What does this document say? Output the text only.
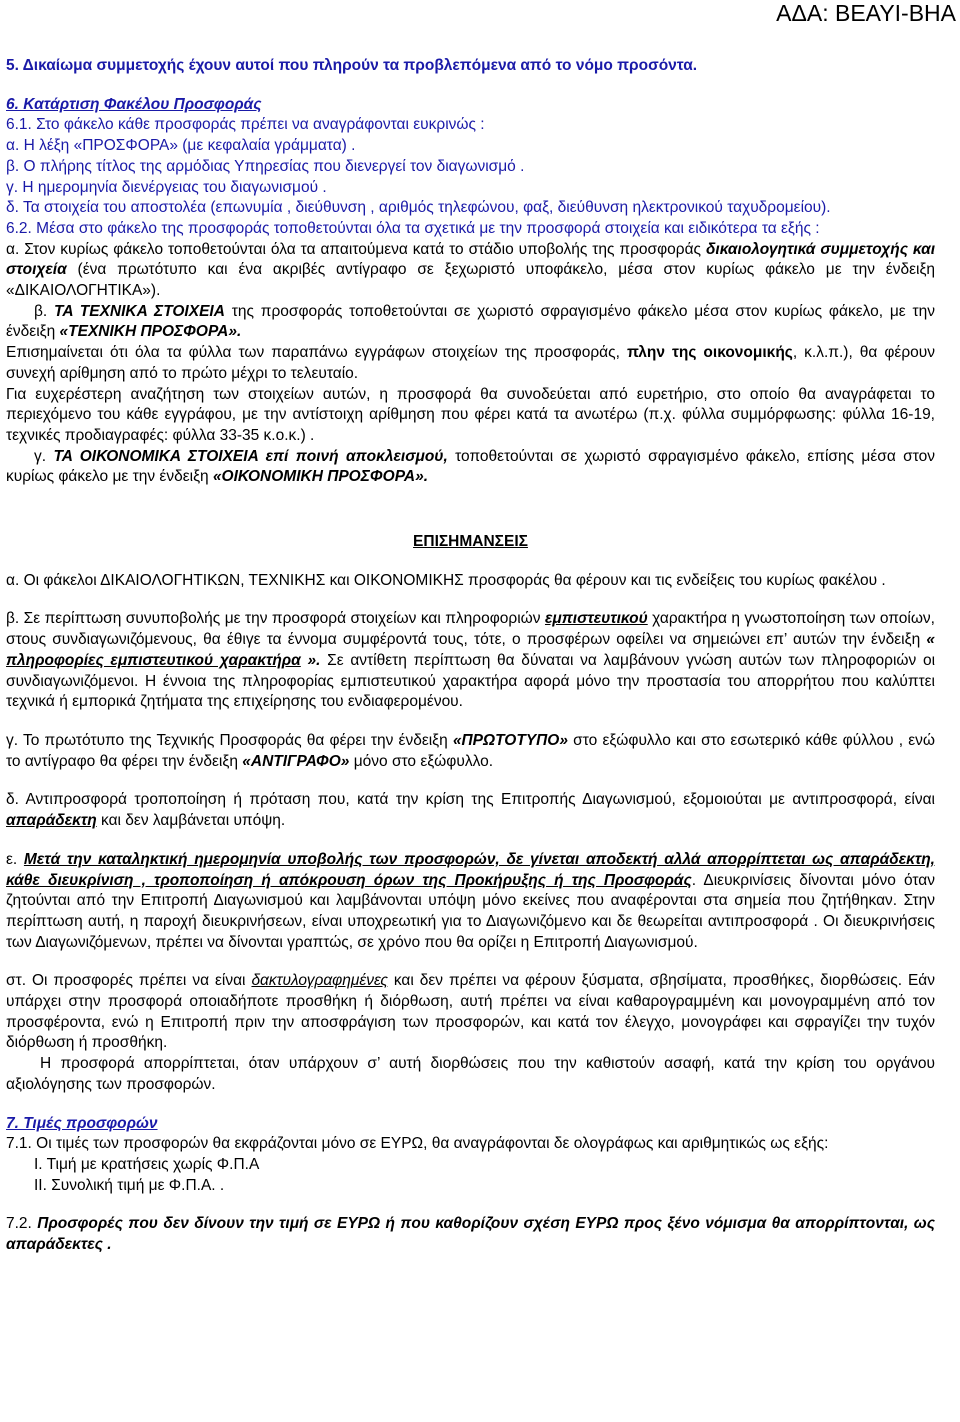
ΑΔΑ: ΒΕΑΥΙ-ΒΗΑ

5. Δικαίωμα συμμετοχής έχουν αυτοί που πληρούν τα προβλεπόμενα από το νόμο προσόντα.

6. Κατάρτιση Φακέλου Προσφοράς

6.1. Στο φάκελο κάθε προσφοράς πρέπει να αναγράφονται ευκρινώς :

α. Η λέξη «ΠΡΟΣΦΟΡΑ» (με κεφαλαία γράμματα) .

β. Ο πλήρης τίτλος της αρμόδιας Υπηρεσίας που διενεργεί τον διαγωνισμό .

γ. Η ημερομηνία διενέργειας του διαγωνισμού .

δ. Τα στοιχεία του αποστολέα (επωνυμία , διεύθυνση , αριθμός τηλεφώνου, φαξ, διεύθυνση ηλεκτρονικού ταχυδρομείου).

6.2. Μέσα στο φάκελο της προσφοράς τοποθετούνται όλα τα σχετικά με την προσφορά στοιχεία και ειδικότερα τα εξής :

α. Στον κυρίως φάκελο τοποθετούνται όλα τα απαιτούμενα κατά το στάδιο υποβολής της προσφοράς δικαιολογητικά συμμετοχής και στοιχεία (ένα πρωτότυπο και ένα ακριβές αντίγραφο σε ξεχωριστό υποφάκελο, μέσα στον κυρίως φάκελο με την ένδειξη «ΔΙΚΑΙΟΛΟΓΗΤΙΚΑ»).

β. ΤΑ ΤΕΧΝΙΚΑ ΣΤΟΙΧΕΙΑ της προσφοράς τοποθετούνται σε χωριστό σφραγισμένο φάκελο μέσα στον κυρίως φάκελο, με την ένδειξη «ΤΕΧΝΙΚΗ ΠΡΟΣΦΟΡΑ».

Επισημαίνεται ότι όλα τα φύλλα των παραπάνω εγγράφων στοιχείων της προσφοράς, πλην της οικονομικής, κ.λ.π.), θα φέρουν συνεχή αρίθμηση από το πρώτο μέχρι το τελευταίο.

Για ευχερέστερη αναζήτηση των στοιχείων αυτών, η προσφορά θα συνοδεύεται από ευρετήριο, στο οποίο θα αναγράφεται το περιεχόμενο του κάθε εγγράφου, με την αντίστοιχη αρίθμηση που φέρει κατά τα ανωτέρω (π.χ. φύλλα συμμόρφωσης: φύλλα 16-19, τεχνικές προδιαγραφές: φύλλα 33-35 κ.ο.κ.) .

γ. ΤΑ ΟΙΚΟΝΟΜΙΚΑ ΣΤΟΙΧΕΙΑ επί ποινή αποκλεισμού, τοποθετούνται σε χωριστό σφραγισμένο φάκελο, επίσης μέσα στον κυρίως φάκελο με την ένδειξη «ΟΙΚΟΝΟΜΙΚΗ ΠΡΟΣΦΟΡΑ».

ΕΠΙΣΗΜΑΝΣΕΙΣ

α. Οι φάκελοι ΔΙΚΑΙΟΛΟΓΗΤΙΚΩΝ, ΤΕΧΝΙΚΗΣ και ΟΙΚΟΝΟΜΙΚΗΣ προσφοράς θα φέρουν και τις ενδείξεις του κυρίως φακέλου .

β. Σε περίπτωση συνυποβολής με την προσφορά στοιχείων και πληροφοριών εμπιστευτικού χαρακτήρα η γνωστοποίηση των οποίων, στους συνδιαγωνιζόμενους, θα έθιγε τα έννομα συμφέροντά τους, τότε, ο προσφέρων οφείλει να σημειώνει επ’ αυτών την ένδειξη « πληροφορίες εμπιστευτικού χαρακτήρα ». Σε αντίθετη περίπτωση θα δύναται να λαμβάνουν γνώση αυτών των πληροφοριών οι συνδιαγωνιζόμενοι. Η έννοια της πληροφορίας εμπιστευτικού χαρακτήρα αφορά μόνο την προστασία του απορρήτου που καλύπτει τεχνικά ή εμπορικά ζητήματα της επιχείρησης του ενδιαφερομένου.

γ. Το πρωτότυπο της Τεχνικής Προσφοράς θα φέρει την ένδειξη «ΠΡΩΤΟΤΥΠΟ» στο εξώφυλλο και στο εσωτερικό κάθε φύλλου , ενώ το αντίγραφο θα φέρει την ένδειξη «ΑΝΤΙΓΡΑΦΟ» μόνο στο εξώφυλλο.

δ. Αντιπροσφορά τροποποίηση ή πρόταση που, κατά την κρίση της Επιτροπής Διαγωνισμού, εξομοιούται με αντιπροσφορά, είναι απαράδεκτη και δεν λαμβάνεται υπόψη.

ε. Μετά την καταληκτική ημερομηνία υποβολής των προσφορών, δε γίνεται αποδεκτή αλλά απορρίπτεται ως απαράδεκτη, κάθε διευκρίνιση , τροποποίηση ή απόκρουση όρων της Προκήρυξης ή της Προσφοράς. Διευκρινίσεις δίνονται μόνο όταν ζητούνται από την Επιτροπή Διαγωνισμού και λαμβάνονται υπόψη μόνο εκείνες που αναφέρονται στα σημεία που ζητήθηκαν. Στην περίπτωση αυτή, η παροχή διευκρινήσεων, είναι υποχρεωτική για το Διαγωνιζόμενο και δε θεωρείται αντιπροσφορά . Οι διευκρινήσεις των Διαγωνιζόμενων, πρέπει να δίνονται γραπτώς, σε χρόνο που θα ορίζει η Επιτροπή Διαγωνισμού.

στ. Οι προσφορές πρέπει να είναι δακτυλογραφημένες και δεν πρέπει να φέρουν ξύσματα, σβησίματα, προσθήκες, διορθώσεις. Εάν υπάρχει στην προσφορά οποιαδήποτε προσθήκη ή διόρθωση, αυτή πρέπει να είναι καθαρογραμμένη και μονογραμμένη από τον προσφέροντα, ενώ η Επιτροπή πριν την αποσφράγιση των προσφορών, και κατά τον έλεγχο, μονογράφει και σφραγίζει την τυχόν διόρθωση ή προσθήκη.

Η προσφορά απορρίπτεται, όταν υπάρχουν σ’ αυτή διορθώσεις που την καθιστούν ασαφή, κατά την κρίση του οργάνου αξιολόγησης των προσφορών.

7. Τιμές προσφορών

7.1. Οι τιμές των προσφορών θα εκφράζονται μόνο σε ΕΥΡΩ, θα αναγράφονται δε ολογράφως και αριθμητικώς ως εξής:

Ι. Τιμή με κρατήσεις χωρίς Φ.Π.Α

ΙΙ. Συνολική τιμή με Φ.Π.Α. .

7.2. Προσφορές που δεν δίνουν την τιμή σε ΕΥΡΩ ή που καθορίζουν σχέση ΕΥΡΩ προς ξένο νόμισμα θα απορρίπτονται, ως απαράδεκτες .
